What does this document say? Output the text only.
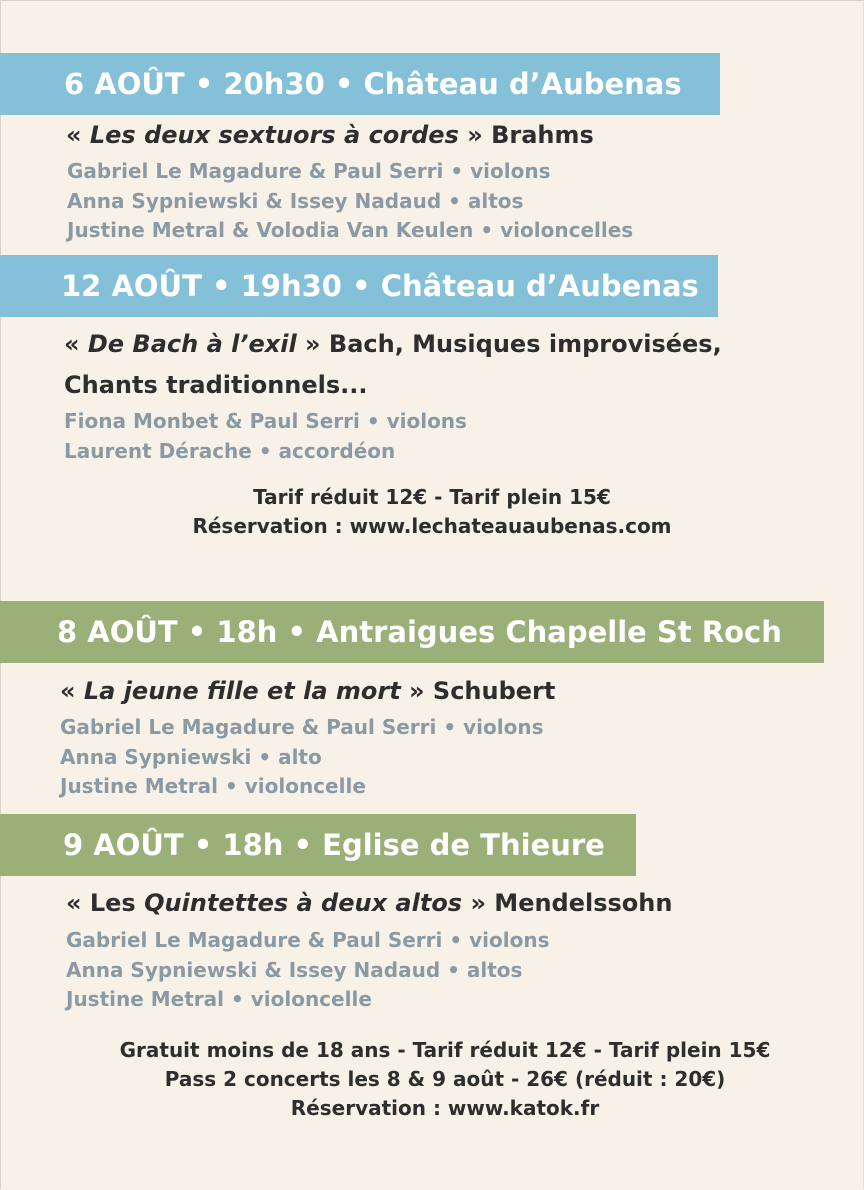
6 AOÛT • 20h30 • Château d’Aubenas
« Les deux sextuors à cordes » Brahms
Gabriel Le Magadure & Paul Serri • violons
Anna Sypniewski & Issey Nadaud • altos
Justine Metral & Volodia Van Keulen • violoncelles
12 AOÛT • 19h30 • Château d’Aubenas
« De Bach à l’exil » Bach, Musiques improvisées,
Chants traditionnels...
Fiona Monbet & Paul Serri • violons
Laurent Dérache • accordéon
Tarif réduit 12€ - Tarif plein 15€
Réservation : www.lechateauaubenas.com
8 AOÛT • 18h • Antraigues Chapelle St Roch
« La jeune fille et la mort » Schubert
Gabriel Le Magadure & Paul Serri • violons
Anna Sypniewski • alto
Justine Metral • violoncelle
9 AOÛT • 18h • Eglise de Thieure
« Les Quintettes à deux altos » Mendelssohn
Gabriel Le Magadure & Paul Serri • violons
Anna Sypniewski & Issey Nadaud • altos
Justine Metral • violoncelle
Gratuit moins de 18 ans - Tarif réduit 12€ - Tarif plein 15€
Pass 2 concerts les 8 & 9 août - 26€ (réduit : 20€)
Réservation : www.katok.fr
